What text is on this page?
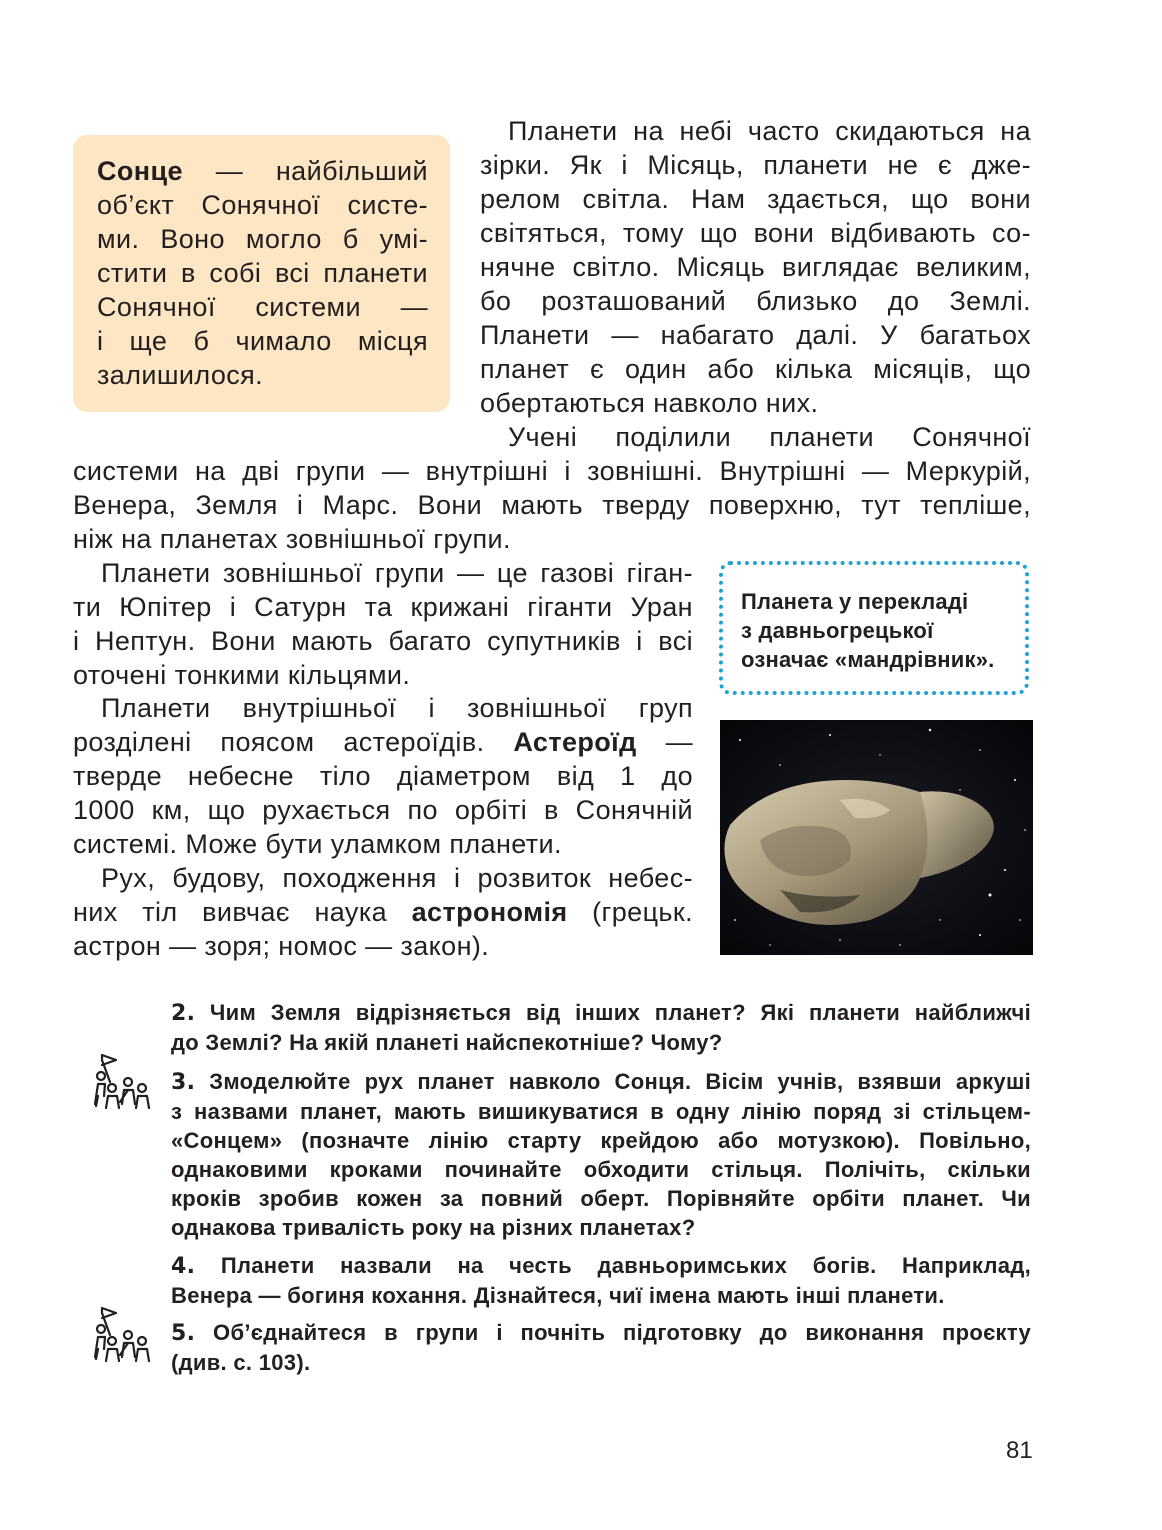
Сонце — найбільший
об’єкт Сонячної систе-
ми. Воно могло б умі-
стити в собі всі планети
Сонячної системи —
і ще б чимало місця
залишилося.
Планети на небі часто скидаються на
зірки. Як і Місяць, планети не є дже-
релом світла. Нам здається, що вони
світяться, тому що вони відбивають со-
нячне світло. Місяць виглядає великим,
бо розташований близько до Землі.
Планети — набагато далі. У багатьох
планет є один або кілька місяців, що
обертаються навколо них.
Учені поділили планети Сонячної
системи на дві групи — внутрішні і зовнішні. Внутрішні — Меркурій,
Венера, Земля і Марс. Вони мають тверду поверхню, тут тепліше,
ніж на планетах зовнішньої групи.
Планети зовнішньої групи — це газові гіган-
ти Юпітер і Сатурн та крижані гіганти Уран
і Нептун. Вони мають багато супутників і всі
оточені тонкими кільцями.
Планети внутрішньої і зовнішньої груп
розділені поясом астероїдів. Астероїд —
тверде небесне тіло діаметром від 1 до
1000 км, що рухається по орбіті в Сонячній
системі. Може бути уламком планети.
Рух, будову, походження і розвиток небес-
них тіл вивчає наука астрономія (грецьк.
астрон — зоря; номос — закон).
Планета у перекладі
з давньогрецької
означає «мандрівник».
2. Чим Земля відрізняється від інших планет? Які планети найближчі
до Землі? На якій планеті найспекотніше? Чому?
3. Змоделюйте рух планет навколо Сонця. Вісім учнів, взявши аркуші
з назвами планет, мають вишикуватися в одну лінію поряд зі стільцем-
«Сонцем» (позначте лінію старту крейдою або мотузкою). Повільно,
однаковими кроками починайте обходити стільця. Полічіть, скільки
кроків зробив кожен за повний оберт. Порівняйте орбіти планет. Чи
однакова тривалість року на різних планетах?
4. Планети назвали на честь давньоримських богів. Наприклад,
Венера — богиня кохання. Дізнайтеся, чиї імена мають інші планети.
5. Об’єднайтеся в групи і почніть підготовку до виконання проєкту
(див. с. 103).
81
